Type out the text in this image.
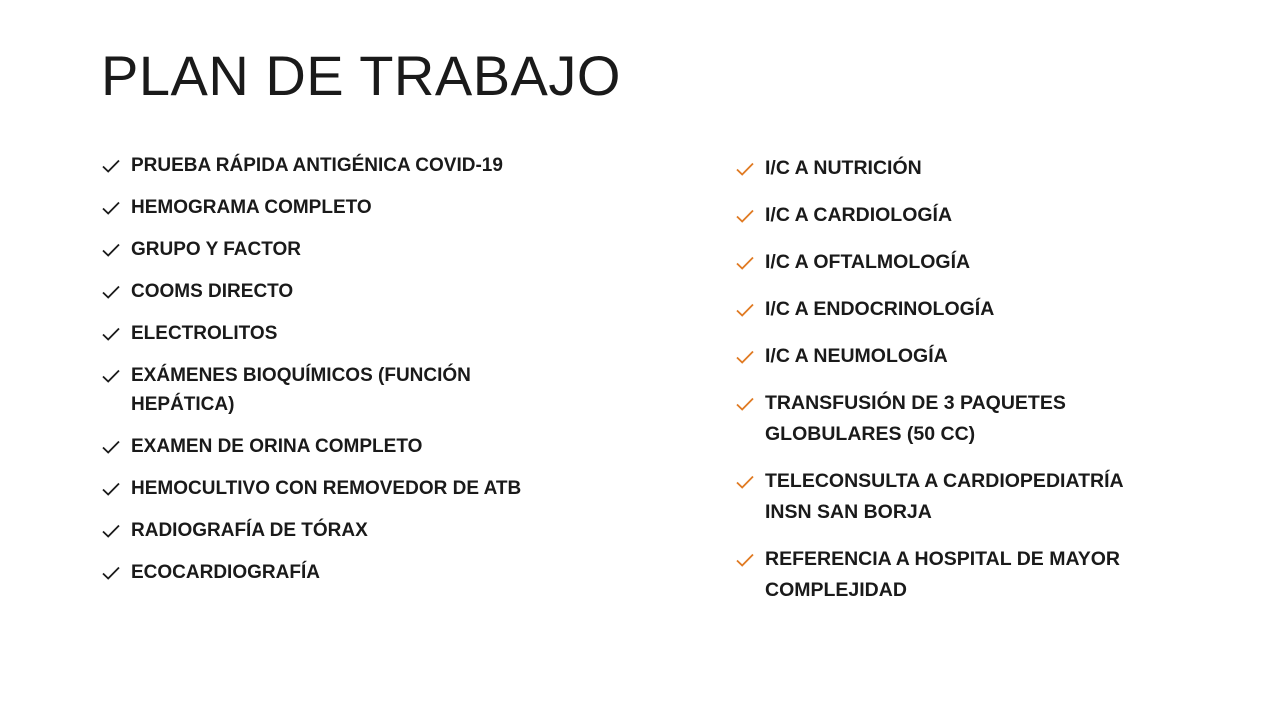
PLAN DE TRABAJO
PRUEBA RÁPIDA ANTIGÉNICA COVID-19
HEMOGRAMA COMPLETO
GRUPO Y FACTOR
COOMS DIRECTO
ELECTROLITOS
EXÁMENES BIOQUÍMICOS (FUNCIÓN HEPÁTICA)
EXAMEN DE ORINA COMPLETO
HEMOCULTIVO CON REMOVEDOR DE ATB
RADIOGRAFÍA DE TÓRAX
ECOCARDIOGRAFÍA
I/C A NUTRICIÓN
I/C A CARDIOLOGÍA
I/C A OFTALMOLOGÍA
I/C A ENDOCRINOLOGÍA
I/C A NEUMOLOGÍA
TRANSFUSIÓN DE 3 PAQUETES GLOBULARES (50 CC)
TELECONSULTA A CARDIOPEDIATRÍA INSN SAN BORJA
REFERENCIA A HOSPITAL DE MAYOR COMPLEJIDAD
